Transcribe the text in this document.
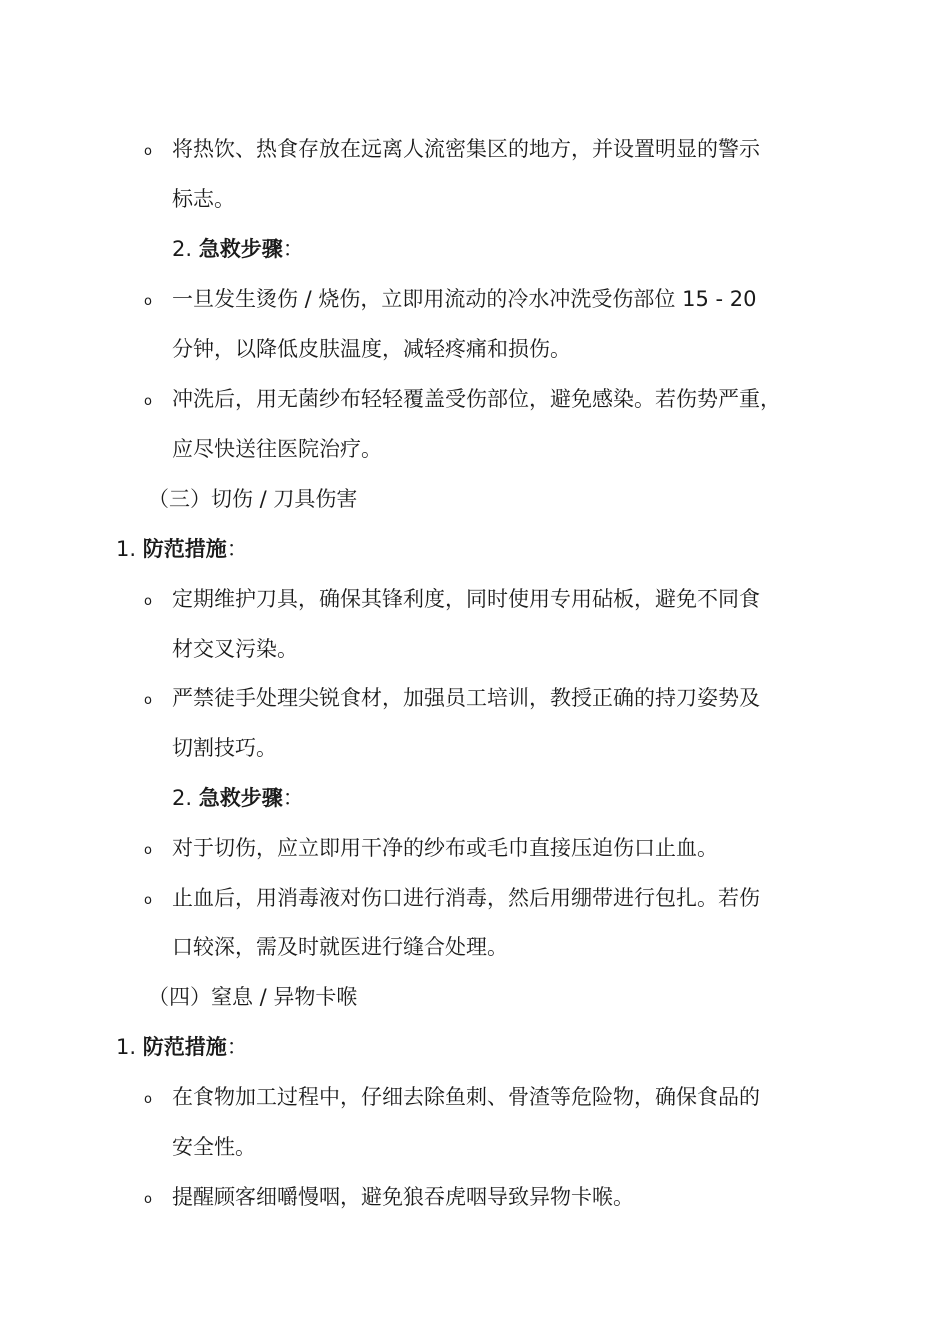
o 将热饮、热食存放在远离人流密集区的地方，并设置明显的警示
标志。
2. 急救步骤：
o 一旦发生烫伤 / 烧伤，立即用流动的冷水冲洗受伤部位 15 - 20
分钟，以降低皮肤温度，减轻疼痛和损伤。
o 冲洗后，用无菌纱布轻轻覆盖受伤部位，避免感染。若伤势严重，
应尽快送往医院治疗。
（三）切伤 / 刀具伤害
1. 防范措施：
o 定期维护刀具，确保其锋利度，同时使用专用砧板，避免不同食
材交叉污染。
o 严禁徒手处理尖锐食材，加强员工培训，教授正确的持刀姿势及
切割技巧。
2. 急救步骤：
o 对于切伤，应立即用干净的纱布或毛巾直接压迫伤口止血。
o 止血后，用消毒液对伤口进行消毒，然后用绷带进行包扎。若伤
口较深，需及时就医进行缝合处理。
（四）窒息 / 异物卡喉
1. 防范措施：
o 在食物加工过程中，仔细去除鱼刺、骨渣等危险物，确保食品的
安全性。
o 提醒顾客细嚼慢咽，避免狼吞虎咽导致异物卡喉。
